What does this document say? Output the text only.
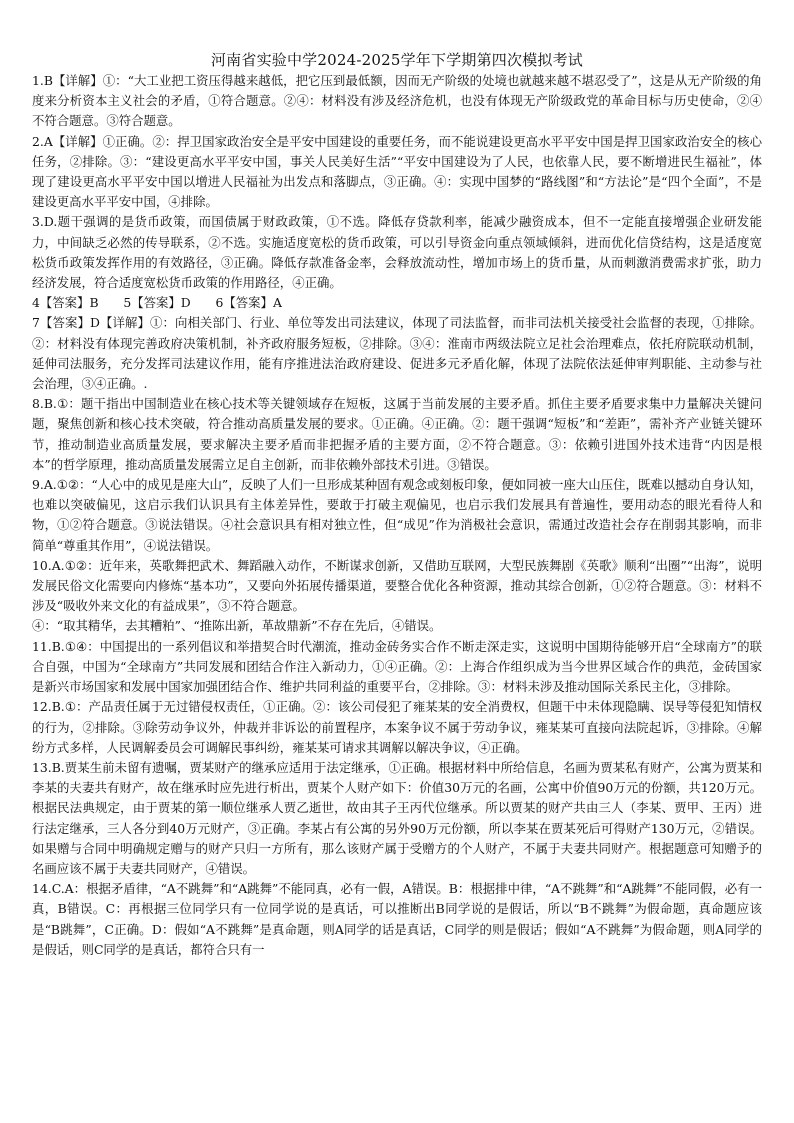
河南省实验中学2024-2025学年下学期第四次模拟考试

1.B【详解】①：“大工业把工资压得越来越低，把它压到最低额，因而无产阶级的处境也就越来越不堪忍受了”，这是从无产阶级的角度来分析资本主义社会的矛盾，①符合题意。②④：材料没有涉及经济危机，也没有体现无产阶级政党的革命目标与历史使命，②④不符合题意。③符合题意。

2.A【详解】①正确。②：捍卫国家政治安全是平安中国建设的重要任务，而不能说建设更高水平平安中国是捍卫国家政治安全的核心任务，②排除。③：“建设更高水平平安中国，事关人民美好生活”“平安中国建设为了人民，也依靠人民，要不断增进民生福祉”，体现了建设更高水平平安中国以增进人民福祉为出发点和落脚点，③正确。④：实现中国梦的“路线图”和“方法论”是“四个全面”，不是建设更高水平平安中国，④排除。

3.D.题干强调的是货币政策，而国债属于财政政策，①不选。降低存贷款利率，能减少融资成本，但不一定能直接增强企业研发能力，中间缺乏必然的传导联系，②不选。实施适度宽松的货币政策，可以引导资金向重点领域倾斜，进而优化信贷结构，这是适度宽松货币政策发挥作用的有效路径，③正确。降低存款准备金率，会释放流动性，增加市场上的货币量，从而刺激消费需求扩张，助力经济发展，符合适度宽松货币政策的作用路径，④正确。

4【答案】B　　5【答案】D　　6【答案】A

7【答案】D【详解】①：向相关部门、行业、单位等发出司法建议，体现了司法监督，而非司法机关接受社会监督的表现，①排除。②：材料没有体现完善政府决策机制，补齐政府服务短板，②排除。③④：淮南市两级法院立足社会治理难点，依托府院联动机制，延伸司法服务，充分发挥司法建议作用，能有序推进法治政府建设、促进多元矛盾化解，体现了法院依法延伸审判职能、主动参与社会治理，③④正确。.

8.B.①：题干指出中国制造业在核心技术等关键领域存在短板，这属于当前发展的主要矛盾。抓住主要矛盾要求集中力量解决关键问题，聚焦创新和核心技术突破，符合推动高质量发展的要求。①正确。④正确。②：题干强调“短板”和“差距”，需补齐产业链关键环节，推动制造业高质量发展，要求解决主要矛盾而非把握矛盾的主要方面，②不符合题意。③：依赖引进国外技术违背“内因是根本”的哲学原理，推动高质量发展需立足自主创新，而非依赖外部技术引进。③错误。

9.A.①②：“人心中的成见是座大山”，反映了人们一旦形成某种固有观念或刻板印象，便如同被一座大山压住，既难以撼动自身认知，也难以突破偏见，这启示我们认识具有主体差异性，要敢于打破主观偏见，也启示我们发展具有普遍性，要用动态的眼光看待人和物，①②符合题意。③说法错误。④社会意识具有相对独立性，但“成见”作为消极社会意识，需通过改造社会存在削弱其影响，而非简单“尊重其作用”，④说法错误。

10.A.①②：近年来，英歌舞把武术、舞蹈融入动作，不断谋求创新，又借助互联网，大型民族舞剧《英歌》顺利“出圈”“出海”，说明发展民俗文化需要向内修炼“基本功”，又要向外拓展传播渠道，要整合优化各种资源，推动其综合创新，①②符合题意。③：材料不涉及“吸收外来文化的有益成果”，③不符合题意。

④：“取其精华，去其糟粕”、“推陈出新，革故鼎新”不存在先后，④错误。

11.B.①④：中国提出的一系列倡议和举措契合时代潮流，推动金砖务实合作不断走深走实，这说明中国期待能够开启“全球南方”的联合自强，中国为“全球南方”共同发展和团结合作注入新动力，①④正确。②：上海合作组织成为当今世界区域合作的典范，金砖国家是新兴市场国家和发展中国家加强团结合作、维护共同利益的重要平台，②排除。③：材料未涉及推动国际关系民主化，③排除。

12.B.①：产品责任属于无过错侵权责任，①正确。②：该公司侵犯了雍某某的安全消费权，但题干中未体现隐瞒、误导等侵犯知情权的行为，②排除。③除劳动争议外，仲裁并非诉讼的前置程序，本案争议不属于劳动争议，雍某某可直接向法院起诉，③排除。④解纷方式多样，人民调解委员会可调解民事纠纷，雍某某可请求其调解以解决争议，④正确。

13.B.贾某生前未留有遗嘱，贾某财产的继承应适用于法定继承，①正确。根据材料中所给信息，名画为贾某私有财产，公寓为贾某和李某的夫妻共有财产，故在继承时应先进行析出，贾某个人财产如下：价值30万元的名画，公寓中价值90万元的份额，共120万元。根据民法典规定，由于贾某的第一顺位继承人贾乙逝世，故由其子王丙代位继承。所以贾某的财产共由三人（李某、贾甲、王丙）进行法定继承，三人各分到40万元财产，③正确。李某占有公寓的另外90万元份额，所以李某在贾某死后可得财产130万元，②错误。如果赠与合同中明确规定赠与的财产只归一方所有，那么该财产属于受赠方的个人财产，不属于夫妻共同财产。根据题意可知赠予的名画应该不属于夫妻共同财产，④错误。

14.C.A：根据矛盾律，“A不跳舞”和“A跳舞”不能同真，必有一假，A错误。B：根据排中律，“A不跳舞”和“A跳舞”不能同假，必有一真，B错误。C：再根据三位同学只有一位同学说的是真话，可以推断出B同学说的是假话，所以“B不跳舞”为假命题，真命题应该是“B跳舞”，C正确。D：假如“A不跳舞”是真命题，则A同学的话是真话，C同学的则是假话；假如“A不跳舞”为假命题，则A同学的是假话，则C同学的是真话，都符合只有一
